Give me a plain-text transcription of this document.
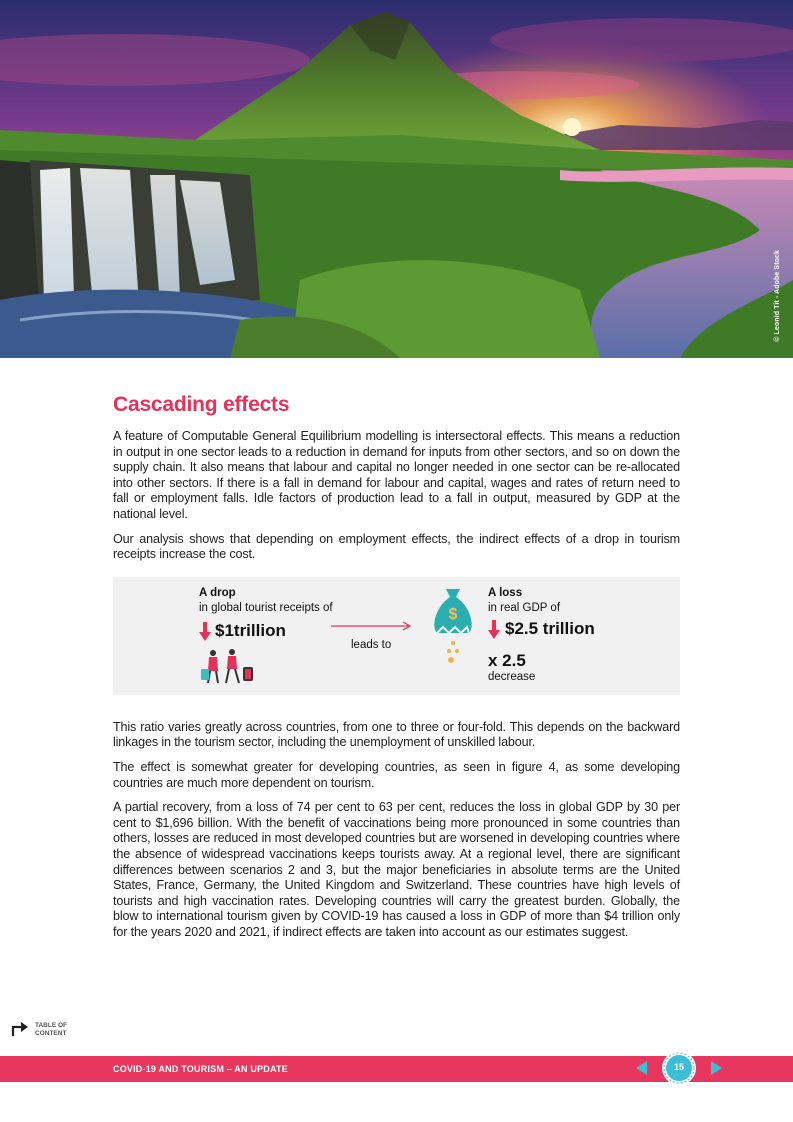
© Leonid Tit - Adobe Stock
Cascading effects

A feature of Computable General Equilibrium modelling is intersectoral effects. This means a reduction in output in one sector leads to a reduction in demand for inputs from other sectors, and so on down the supply chain. It also means that labour and capital no longer needed in one sector can be re-allocated into other sectors. If there is a fall in demand for labour and capital, wages and rates of return need to fall or employment falls. Idle factors of production lead to a fall in output, measured by GDP at the national level.

Our analysis shows that depending on employment effects, the indirect effects of a drop in tourism receipts increase the cost.

A drop
in global tourist receipts of
$1trillion
leads to
$
A loss
in real GDP of
$2.5 trillion
x 2.5
decrease

This ratio varies greatly across countries, from one to three or four-fold. This depends on the backward linkages in the tourism sector, including the unemployment of unskilled labour.

The effect is somewhat greater for developing countries, as seen in figure 4, as some developing countries are much more dependent on tourism.

A partial recovery, from a loss of 74 per cent to 63 per cent, reduces the loss in global GDP by 30 per cent to $1,696 billion. With the benefit of vaccinations being more pronounced in some countries than others, losses are reduced in most developed countries but are worsened in developing countries where the absence of widespread vaccinations keeps tourists away. At a regional level, there are significant differences between scenarios 2 and 3, but the major beneficiaries in absolute terms are the United States, France, Germany, the United Kingdom and Switzerland. These countries have high levels of tourists and high vaccination rates. Developing countries will carry the greatest burden. Globally, the blow to international tourism given by COVID-19 has caused a loss in GDP of more than $4 trillion only for the years 2020 and 2021, if indirect effects are taken into account as our estimates suggest.

TABLE OF CONTENT
COVID-19 AND TOURISM – AN UPDATE	15
